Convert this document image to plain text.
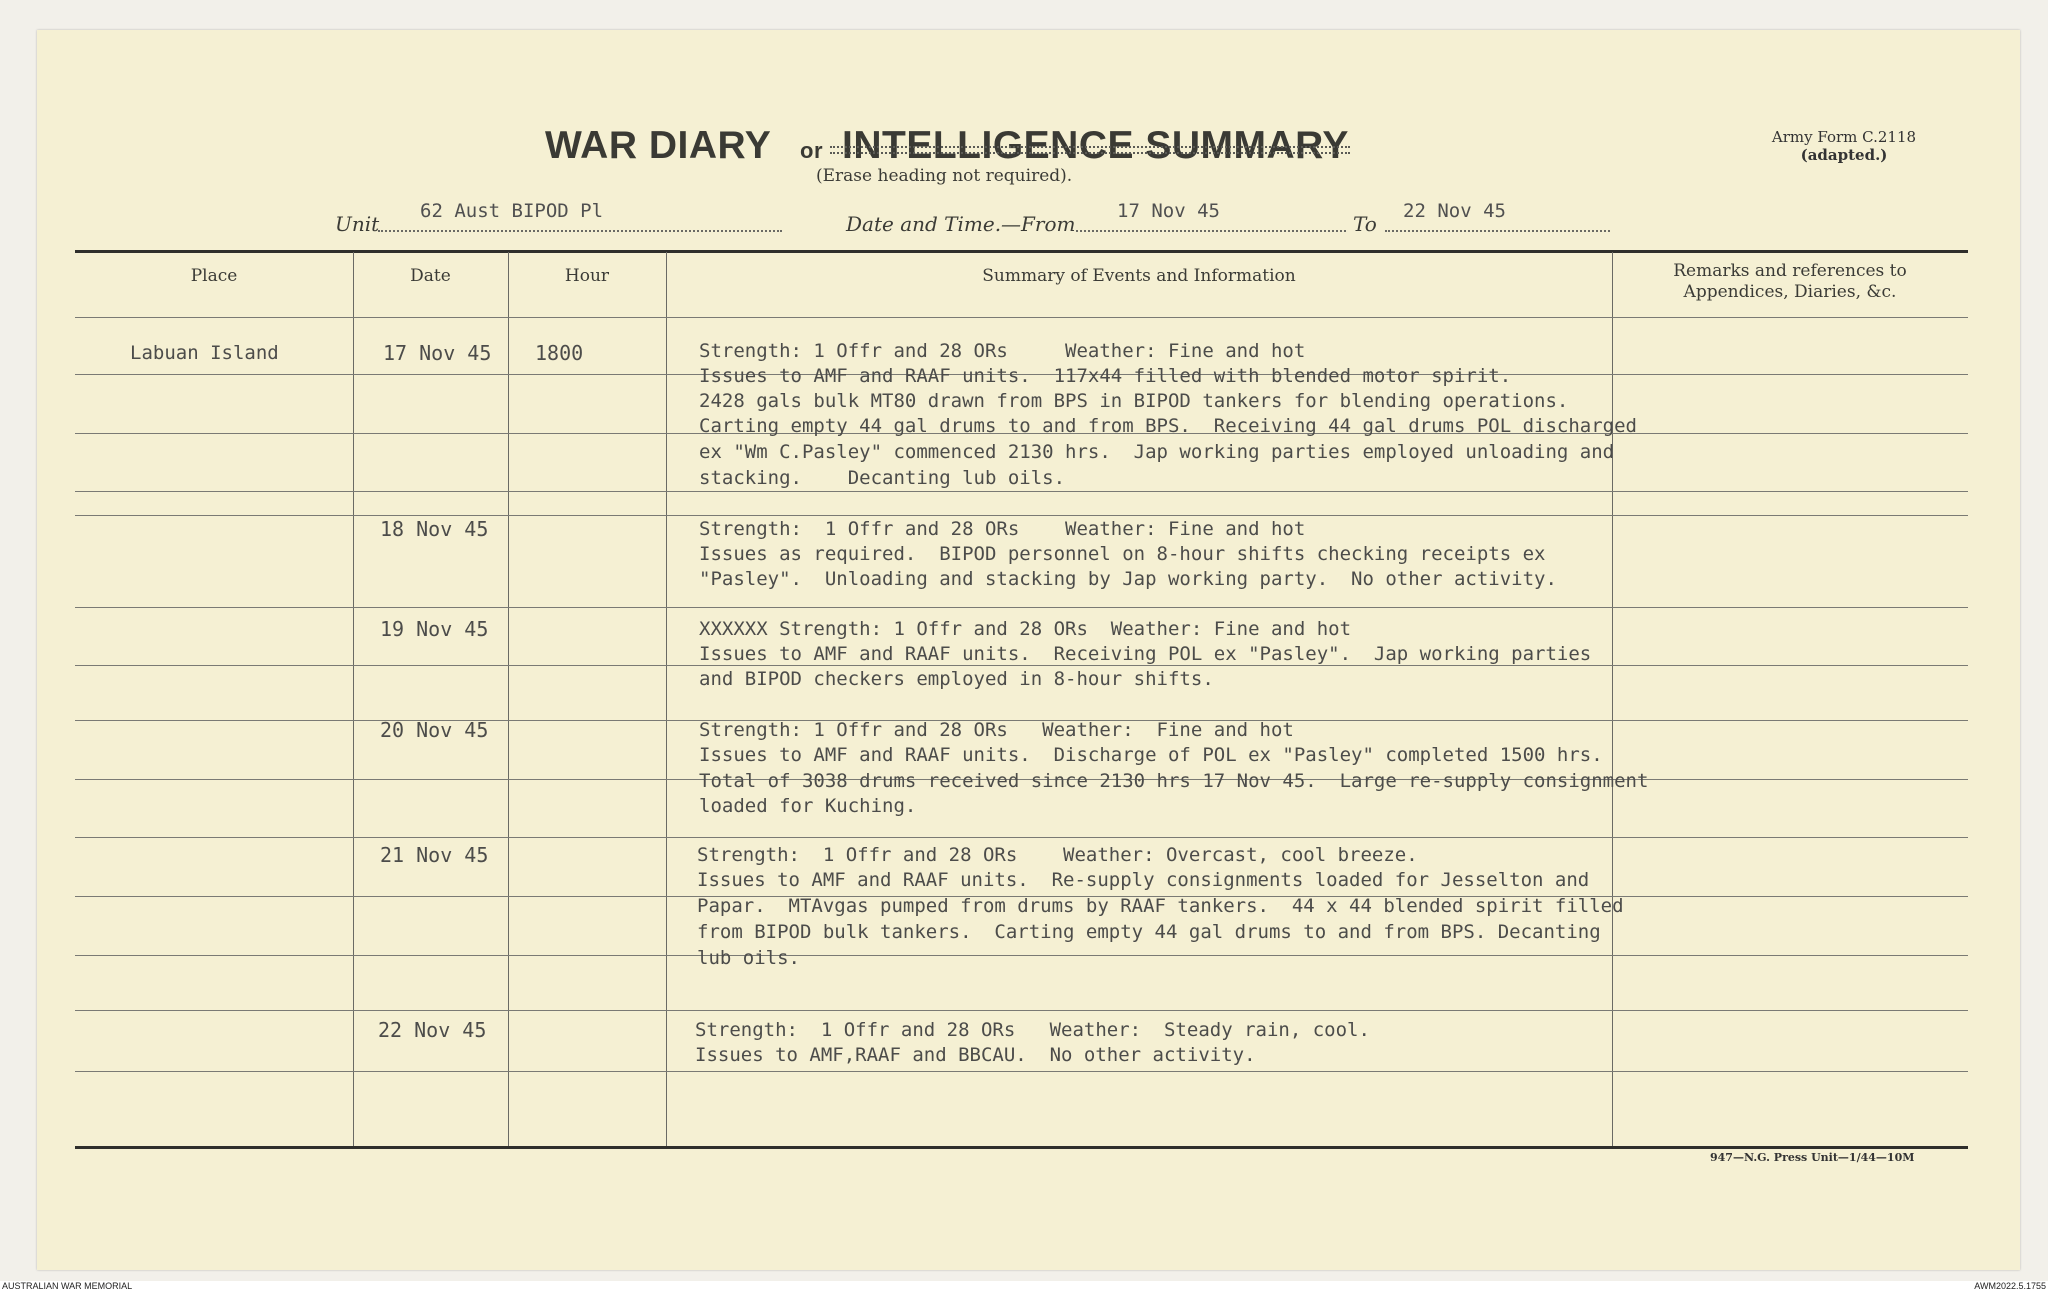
WAR DIARY or INTELLIGENCE SUMMARY
(Erase heading not required).
Army Form C.2118
(adapted.)
Unit
62 Aust BIPOD Pl
Date and Time.—From
17 Nov 45
To
22 Nov 45
Place	Date	Hour	Summary of Events and Information	Remarks and references to
Appendices, Diaries, &c.
Labuan Island	17 Nov 45 1800	Strength: 1 Offr and 28 ORs     Weather: Fine and hot
Issues to AMF and RAAF units.  117x44 filled with blended motor spirit.
2428 gals bulk MT80 drawn from BPS in BIPOD tankers for blending operations.
Carting empty 44 gal drums to and from BPS.  Receiving 44 gal drums POL discharged
ex "Wm C.Pasley" commenced 2130 hrs.  Jap working parties employed unloading and
stacking.    Decanting lub oils.
18 Nov 45	Strength:  1 Offr and 28 ORs    Weather: Fine and hot
Issues as required.  BIPOD personnel on 8-hour shifts checking receipts ex
"Pasley".  Unloading and stacking by Jap working party.  No other activity.
19 Nov 45	XXXXXX Strength: 1 Offr and 28 ORs  Weather: Fine and hot
Issues to AMF and RAAF units.  Receiving POL ex "Pasley".  Jap working parties
and BIPOD checkers employed in 8-hour shifts.
20 Nov 45	Strength: 1 Offr and 28 ORs   Weather:  Fine and hot
Issues to AMF and RAAF units.  Discharge of POL ex "Pasley" completed 1500 hrs.
Total of 3038 drums received since 2130 hrs 17 Nov 45.  Large re-supply consignment
loaded for Kuching.
21 Nov 45	Strength:  1 Offr and 28 ORs    Weather: Overcast, cool breeze.
Issues to AMF and RAAF units.  Re-supply consignments loaded for Jesselton and
Papar.  MTAvgas pumped from drums by RAAF tankers.  44 x 44 blended spirit filled
from BIPOD bulk tankers.  Carting empty 44 gal drums to and from BPS. Decanting
lub oils.
22 Nov 45	Strength:  1 Offr and 28 ORs   Weather:  Steady rain, cool.
Issues to AMF,RAAF and BBCAU.  No other activity.
947—N.G. Press Unit—1/44—10M
AUSTRALIAN WAR MEMORIAL	AWM2022.5.1755
